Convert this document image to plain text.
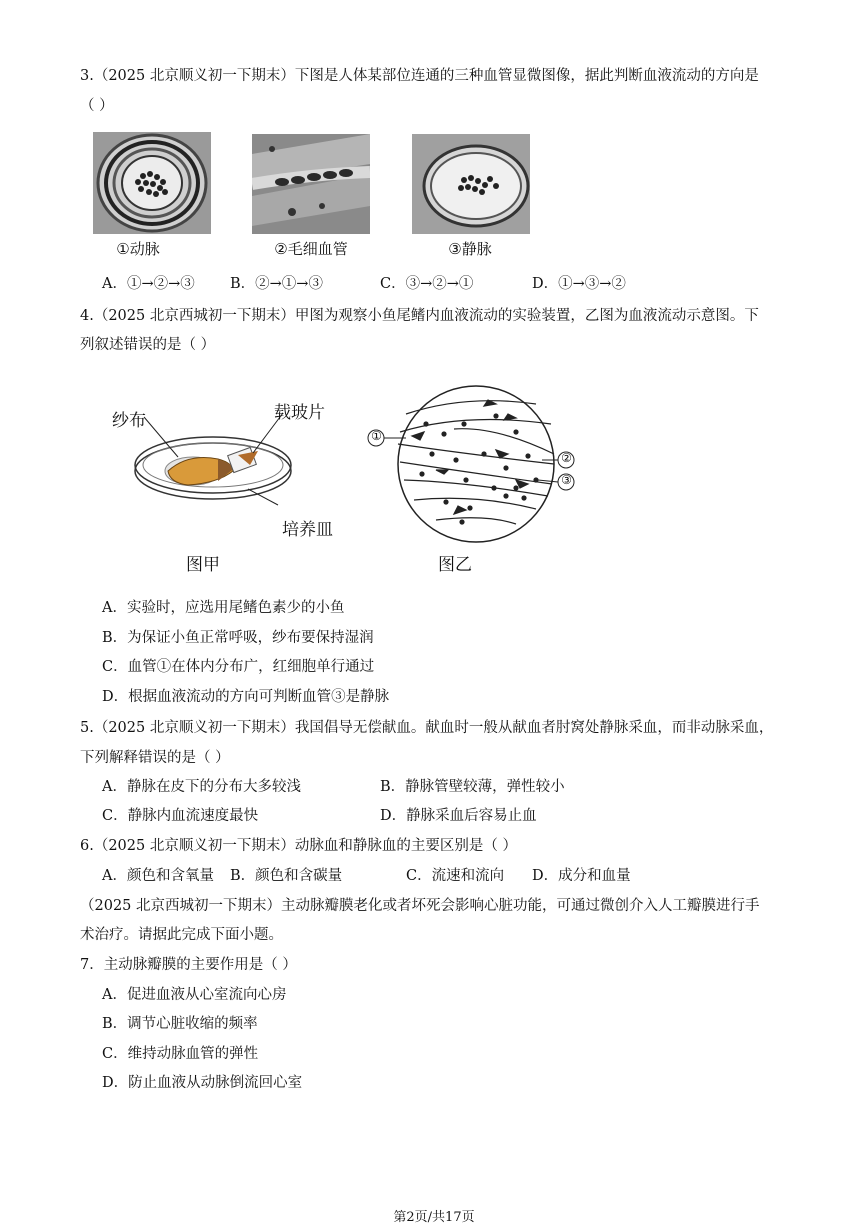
3.（2025 北京顺义初一下期末）下图是人体某部位连通的三种血管显微图像，据此判断血液流动的方向是
（ ）
①动脉	②毛细血管	③静脉
A．①→②→③	B．②→①→③	C．③→②→①	D．①→③→②
4.（2025 北京西城初一下期末）甲图为观察小鱼尾鳍内血液流动的实验装置，乙图为血液流动示意图。下
列叙述错误的是（ ）
纱布	载玻片
培养皿
图甲
①
②
③
图乙
A．实验时，应选用尾鳍色素少的小鱼
B．为保证小鱼正常呼吸，纱布要保持湿润
C．血管①在体内分布广，红细胞单行通过
D．根据血液流动的方向可判断血管③是静脉
5.（2025 北京顺义初一下期末）我国倡导无偿献血。献血时一般从献血者肘窝处静脉采血，而非动脉采血，
下列解释错误的是（ ）
A．静脉在皮下的分布大多较浅	B．静脉管壁较薄，弹性较小
C．静脉内血流速度最快	D．静脉采血后容易止血
6.（2025 北京顺义初一下期末）动脉血和静脉血的主要区别是（ ）
A．颜色和含氧量	B．颜色和含碳量	C．流速和流向	D．成分和血量
（2025 北京西城初一下期末）主动脉瓣膜老化或者坏死会影响心脏功能，可通过微创介入人工瓣膜进行手
术治疗。请据此完成下面小题。
7．主动脉瓣膜的主要作用是（ ）
A．促进血液从心室流向心房
B．调节心脏收缩的频率
C．维持动脉血管的弹性
D．防止血液从动脉倒流回心室
第2页/共17页
